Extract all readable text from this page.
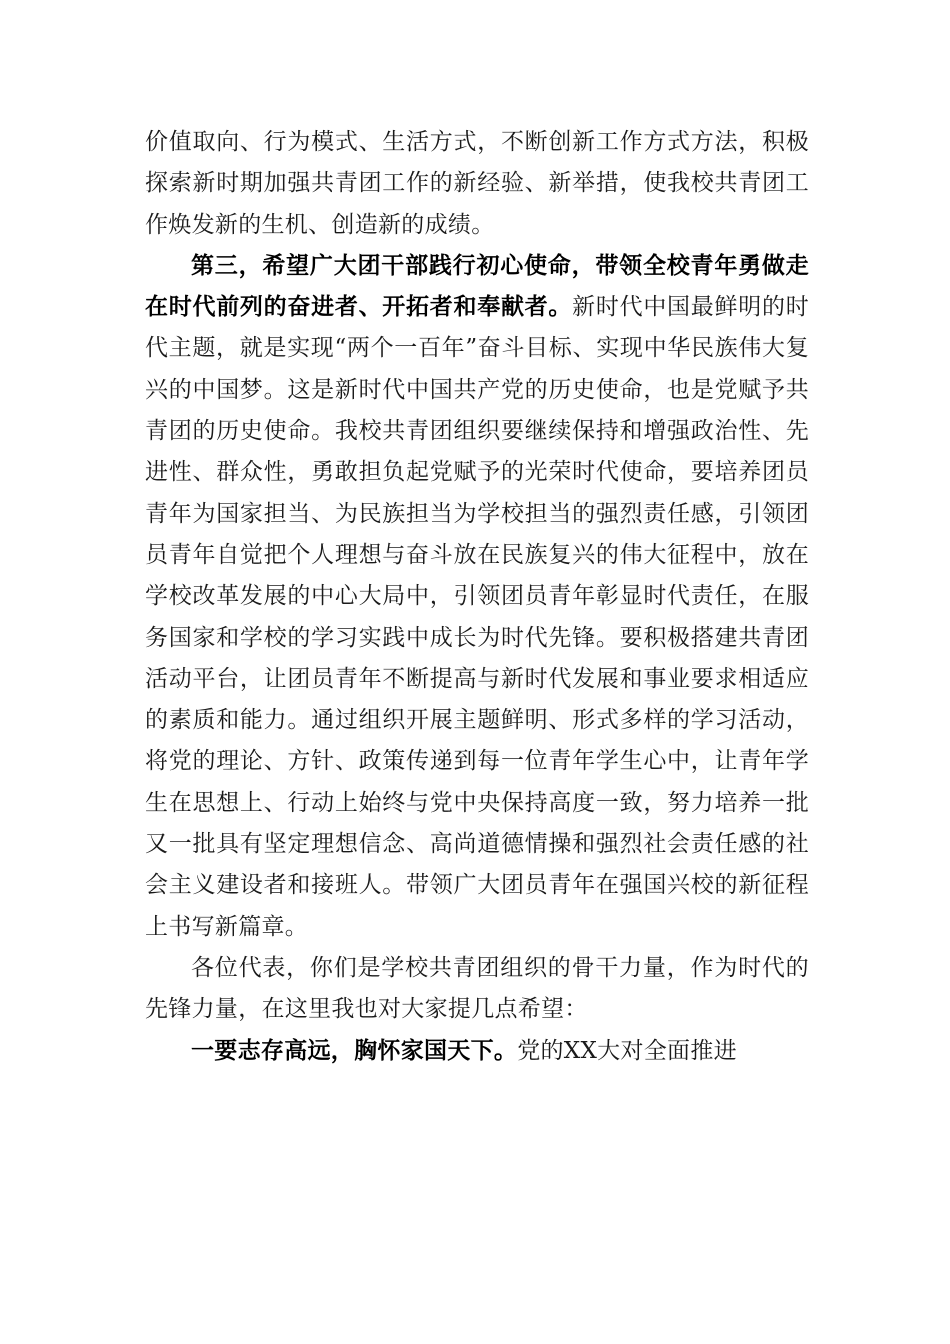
价值取向、行为模式、生活方式，不断创新工作方式方法，积极探索新时期加强共青团工作的新经验、新举措，使我校共青团工作焕发新的生机、创造新的成绩。

第三，希望广大团干部践行初心使命，带领全校青年勇做走在时代前列的奋进者、开拓者和奉献者。新时代中国最鲜明的时代主题，就是实现“两个一百年”奋斗目标、实现中华民族伟大复兴的中国梦。这是新时代中国共产党的历史使命，也是党赋予共青团的历史使命。我校共青团组织要继续保持和增强政治性、先进性、群众性，勇敢担负起党赋予的光荣时代使命，要培养团员青年为国家担当、为民族担当为学校担当的强烈责任感，引领团员青年自觉把个人理想与奋斗放在民族复兴的伟大征程中，放在学校改革发展的中心大局中，引领团员青年彰显时代责任，在服务国家和学校的学习实践中成长为时代先锋。要积极搭建共青团活动平台，让团员青年不断提高与新时代发展和事业要求相适应的素质和能力。通过组织开展主题鲜明、形式多样的学习活动，将党的理论、方针、政策传递到每一位青年学生心中，让青年学生在思想上、行动上始终与党中央保持高度一致，努力培养一批又一批具有坚定理想信念、高尚道德情操和强烈社会责任感的社会主义建设者和接班人。带领广大团员青年在强国兴校的新征程上书写新篇章。

各位代表，你们是学校共青团组织的骨干力量，作为时代的先锋力量，在这里我也对大家提几点希望：

一要志存高远，胸怀家国天下。党的XX大对全面推进
